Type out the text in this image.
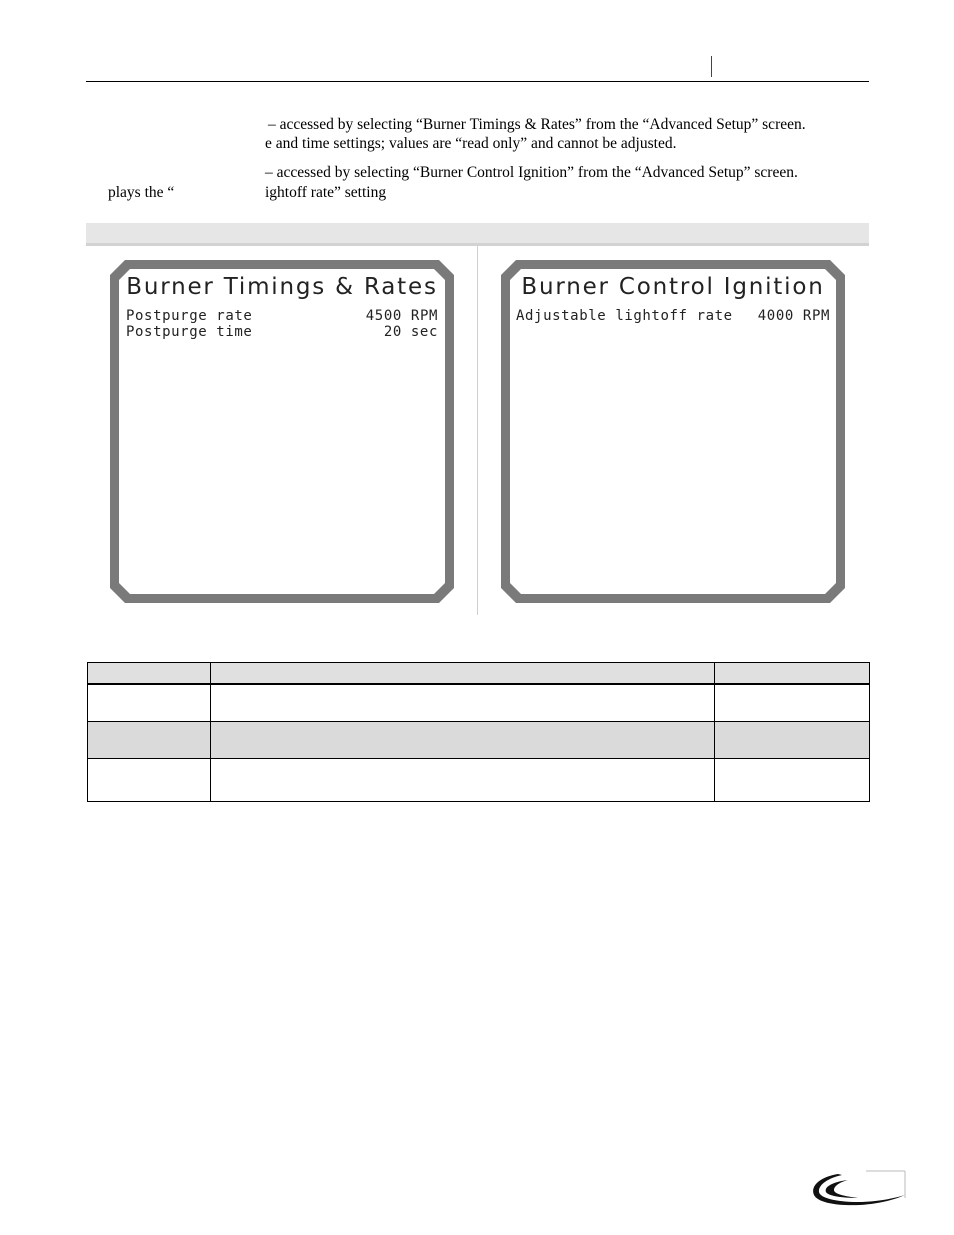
– accessed by selecting “Burner Timings & Rates” from the “Advanced Setup” screen.
e and time settings; values are “read only” and cannot be adjusted.
– accessed by selecting “Burner Control Ignition” from the “Advanced Setup” screen.
plays the “	ightoff rate” setting
Burner Timings & Rates
Postpurge rate	4500 RPM
Postpurge time	20 sec
Burner Control Ignition
Adjustable lightoff rate 4000 RPM
